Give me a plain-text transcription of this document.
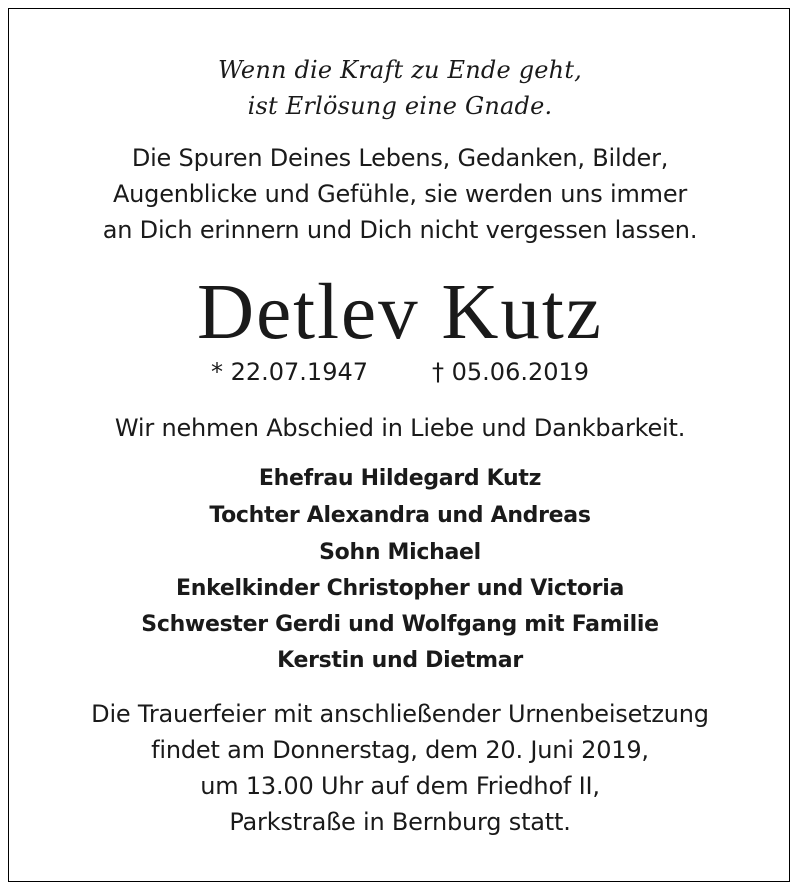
Wenn die Kraft zu Ende geht,
ist Erlösung eine Gnade.
Die Spuren Deines Lebens, Gedanken, Bilder,
Augenblicke und Gefühle, sie werden uns immer
an Dich erinnern und Dich nicht vergessen lassen.
Detlev Kutz
* 22.07.1947	† 05.06.2019
Wir nehmen Abschied in Liebe und Dankbarkeit.
Ehefrau Hildegard Kutz
Tochter Alexandra und Andreas
Sohn Michael
Enkelkinder Christopher und Victoria
Schwester Gerdi und Wolfgang mit Familie
Kerstin und Dietmar
Die Trauerfeier mit anschließender Urnenbeisetzung
findet am Donnerstag, dem 20. Juni 2019,
um 13.00 Uhr auf dem Friedhof II,
Parkstraße in Bernburg statt.
